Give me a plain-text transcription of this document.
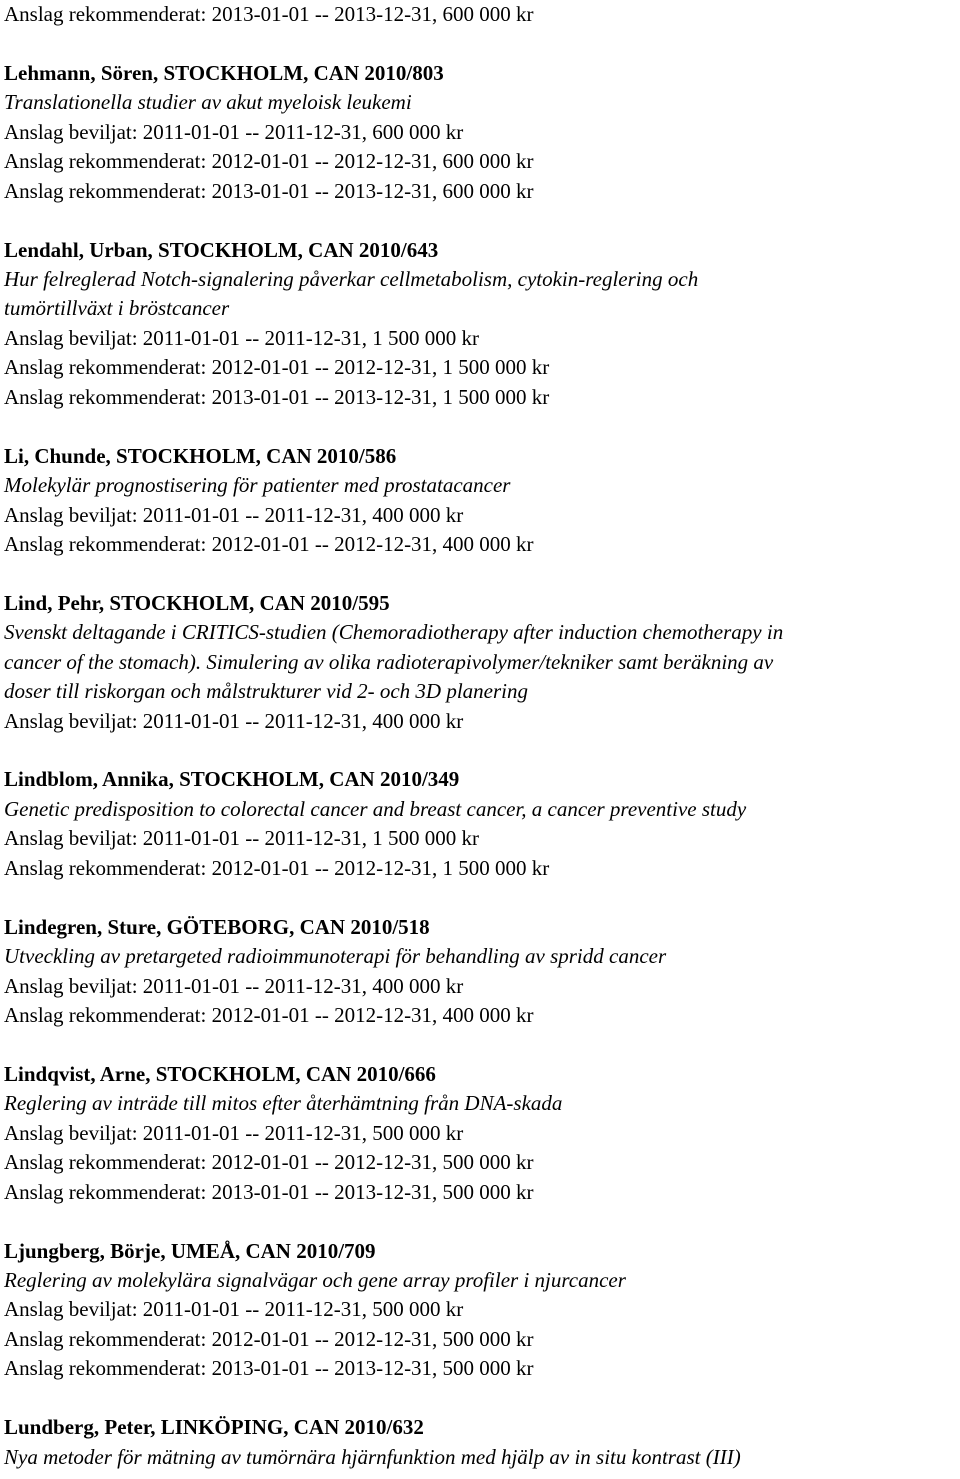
Anslag rekommenderat: 2013-01-01 -- 2013-12-31, 600 000 kr
Lehmann, Sören, STOCKHOLM, CAN 2010/803
Translationella studier av akut myeloisk leukemi
Anslag beviljat: 2011-01-01 -- 2011-12-31, 600 000 kr
Anslag rekommenderat: 2012-01-01 -- 2012-12-31, 600 000 kr
Anslag rekommenderat: 2013-01-01 -- 2013-12-31, 600 000 kr
Lendahl, Urban, STOCKHOLM, CAN 2010/643
Hur felreglerad Notch-signalering påverkar cellmetabolism, cytokin-reglering och
tumörtillväxt i bröstcancer
Anslag beviljat: 2011-01-01 -- 2011-12-31, 1 500 000 kr
Anslag rekommenderat: 2012-01-01 -- 2012-12-31, 1 500 000 kr
Anslag rekommenderat: 2013-01-01 -- 2013-12-31, 1 500 000 kr
Li, Chunde, STOCKHOLM, CAN 2010/586
Molekylär prognostisering för patienter med prostatacancer
Anslag beviljat: 2011-01-01 -- 2011-12-31, 400 000 kr
Anslag rekommenderat: 2012-01-01 -- 2012-12-31, 400 000 kr
Lind, Pehr, STOCKHOLM, CAN 2010/595
Svenskt deltagande i CRITICS-studien (Chemoradiotherapy after induction chemotherapy in
cancer of the stomach). Simulering av olika radioterapivolymer/tekniker samt beräkning av
doser till riskorgan och målstrukturer vid 2- och 3D planering
Anslag beviljat: 2011-01-01 -- 2011-12-31, 400 000 kr
Lindblom, Annika, STOCKHOLM, CAN 2010/349
Genetic predisposition to colorectal cancer and breast cancer, a cancer preventive study
Anslag beviljat: 2011-01-01 -- 2011-12-31, 1 500 000 kr
Anslag rekommenderat: 2012-01-01 -- 2012-12-31, 1 500 000 kr
Lindegren, Sture, GÖTEBORG, CAN 2010/518
Utveckling av pretargeted radioimmunoterapi för behandling av spridd cancer
Anslag beviljat: 2011-01-01 -- 2011-12-31, 400 000 kr
Anslag rekommenderat: 2012-01-01 -- 2012-12-31, 400 000 kr
Lindqvist, Arne, STOCKHOLM, CAN 2010/666
Reglering av inträde till mitos efter återhämtning från DNA-skada
Anslag beviljat: 2011-01-01 -- 2011-12-31, 500 000 kr
Anslag rekommenderat: 2012-01-01 -- 2012-12-31, 500 000 kr
Anslag rekommenderat: 2013-01-01 -- 2013-12-31, 500 000 kr
Ljungberg, Börje, UMEÅ, CAN 2010/709
Reglering av molekylära signalvägar och gene array profiler i njurcancer
Anslag beviljat: 2011-01-01 -- 2011-12-31, 500 000 kr
Anslag rekommenderat: 2012-01-01 -- 2012-12-31, 500 000 kr
Anslag rekommenderat: 2013-01-01 -- 2013-12-31, 500 000 kr
Lundberg, Peter, LINKÖPING, CAN 2010/632
Nya metoder för mätning av tumörnära hjärnfunktion med hjälp av in situ kontrast (III)
